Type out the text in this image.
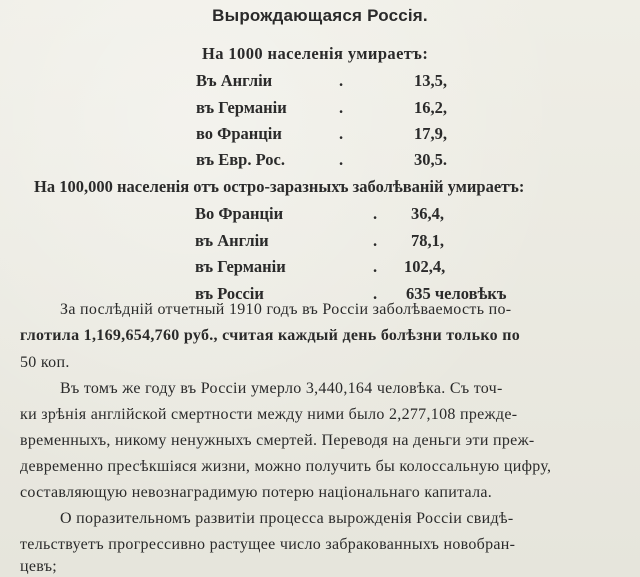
Вырождающаяся Россія.
На 1000 населенія умираетъ:
Въ Англіи	.	13,5,
въ Германіи	.	16,2,
во Франціи	.	17,9,
въ Евр. Рос.	.	30,5.
На 100,000 населенія отъ остро-заразныхъ заболѣваній умираетъ:
Во Франціи	. 36,4,
въ Англіи	. 78,1,
въ Германіи	. 102,4,
въ Россіи	. 635 человѣкъ
За послѣдній отчетный 1910 годъ въ Россіи заболѣваемость по-
глотила 1,169,654,760 руб., считая каждый день болѣзни только по
50 коп.
Въ томъ же году въ Россіи умерло 3,440,164 человѣка. Съ точ-
ки зрѣнія англійской смертности между ними было 2,277,108 прежде-
временныхъ, никому ненужныхъ смертей. Переводя на деньги эти преж-
девременно пресѣкшіяся жизни, можно получить бы колоссальную цифру,
составляющую невознаградимую потерю національнаго капитала.
О поразительномъ развитіи процесса вырожденія Россіи свидѣ-
тельствуетъ прогрессивно растущее число забракованныхъ новобран-
цевъ;
